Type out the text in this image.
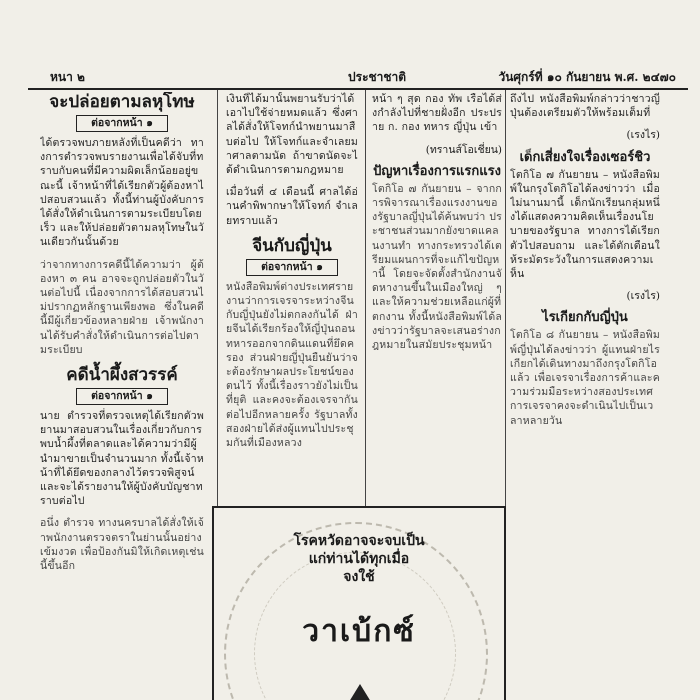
หนา ๒	ประชาชาติ	วันศุกร์ที่ ๑๐ กันยายน พ.ศ. ๒๔๗๐
จะปล่อยตามลหุโทษ
ต่อจากหน้า ๑

ได้ตรวจพบภายหลังที่เป็นคดีว่า ทางการตำรวจพบรายงานเพื่อได้จับที่ทราบกับคนที่มีความผิดเล็กน้อยอยู่ขณะนี้ เจ้าหน้าที่ได้เรียกตัวผู้ต้องหาไปสอบสวนแล้ว ทั้งนี้ท่านผู้บังคับการได้สั่งให้ดำเนินการตามระเบียบโดยเร็ว และให้ปล่อยตัวตามลหุโทษในวันเดียวกันนั้นด้วย

ว่าจากทางการคดีนี้ได้ความว่า ผู้ต้องหา ๓ คน อาจจะถูกปล่อยตัวในวันต่อไปนี้ เนื่องจากการได้สอบสวนไม่ปรากฏหลักฐานเพียงพอ ซึ่งในคดีนี้มีผู้เกี่ยวข้องหลายฝ่าย เจ้าพนักงานได้รับคำสั่งให้ดำเนินการต่อไปตามระเบียบ

คดีน้ำผึ้งสวรรค์
ต่อจากหน้า ๑

นาย ตำรวจที่ตรวจเหตุได้เรียกตัวพยานมาสอบสวนในเรื่องเกี่ยวกับการพบน้ำผึ้งที่ตลาดและได้ความว่ามีผู้นำมาขายเป็นจำนวนมาก ทั้งนี้เจ้าหน้าที่ได้ยึดของกลางไว้ตรวจพิสูจน์ และจะได้รายงานให้ผู้บังคับบัญชาทราบต่อไป

อนึ่ง ตำรวจ ทางนครบาลได้สั่งให้เจ้าพนักงานตรวจตราในย่านนั้นอย่างเข้มงวด เพื่อป้องกันมิให้เกิดเหตุเช่นนี้ขึ้นอีก

เงินที่ได้มานั้นพยานรับว่าได้เอาไปใช้จ่ายหมดแล้ว ซึ่งศาลได้สั่งให้โจทก์นำพยานมาสืบต่อไป ให้โจทก์และจำเลยมาศาลตามนัด ถ้าขาดนัดจะได้ดำเนินการตามกฎหมาย

เมื่อวันที่ ๔ เดือนนี้ ศาลได้อ่านคำพิพากษาให้โจทก์ จำเลยทราบแล้ว

จีนกับญี่ปุ่น
ต่อจากหน้า ๑

หนังสือพิมพ์ต่างประเทศรายงานว่าการเจรจาระหว่างจีนกับญี่ปุ่นยังไม่ตกลงกันได้ ฝ่ายจีนได้เรียกร้องให้ญี่ปุ่นถอนทหารออกจากดินแดนที่ยึดครอง ส่วนฝ่ายญี่ปุ่นยืนยันว่าจะต้องรักษาผลประโยชน์ของตนไว้ ทั้งนี้เรื่องราวยังไม่เป็นที่ยุติ และคงจะต้องเจรจากันต่อไปอีกหลายครั้ง รัฐบาลทั้งสองฝ่ายได้ส่งผู้แทนไปประชุมกันที่เมืองหลวง

หน้า ๆ สุด กอง ทัพ เรือได้ส่งกำลังไปที่ชายฝั่งอีก ประปราย ก. กอง ทหาร ญี่ปุ่น เข้า

(ทรานส์โอเชี่ยน)

ปัญหาเรื่องการแรกแรง

โตกิโอ ๗ กันยายน – จากการพิจารณาเรื่องแรงงานของรัฐบาลญี่ปุ่นได้ค้นพบว่า ประชาชนส่วนมากยังขาดแคลนงานทำ ทางกระทรวงได้เตรียมแผนการที่จะแก้ไขปัญหานี้ โดยจะจัดตั้งสำนักงานจัดหางานขึ้นในเมืองใหญ่ ๆ และให้ความช่วยเหลือแก่ผู้ที่ตกงาน ทั้งนี้หนังสือพิมพ์ได้ลงข่าวว่ารัฐบาลจะเสนอร่างกฎหมายในสมัยประชุมหน้า

ถึงไป หนังสือพิมพ์กล่าวว่าชาวญี่ปุ่นต้องเตรียมตัวให้พร้อมเต็มที่

(เรงไร)

เด็กเสี่ยงใจเรื่องเซอร์ชิว

โตกิโอ ๗ กันยายน – หนังสือพิมพ์ในกรุงโตกิโอได้ลงข่าวว่า เมื่อไม่นานมานี้ เด็กนักเรียนกลุ่มหนึ่งได้แสดงความคิดเห็นเรื่องนโยบายของรัฐบาล ทางการได้เรียกตัวไปสอบถาม และได้ตักเตือนให้ระมัดระวังในการแสดงความเห็น

(เรงไร)

ไรเกียกกับญี่ปุ่น

โตกิโอ ๘ กันยายน – หนังสือพิมพ์ญี่ปุ่นได้ลงข่าวว่า ผู้แทนฝ่ายไรเกียกได้เดินทางมาถึงกรุงโตกิโอแล้ว เพื่อเจรจาเรื่องการค้าและความร่วมมือระหว่างสองประเทศ การเจรจาคงจะดำเนินไปเป็นเวลาหลายวัน

โรคหวัดอาจจะจบเป็น
แก่ท่านได้ทุกเมื่อ
จงใช้
วาเบ้กซ์
